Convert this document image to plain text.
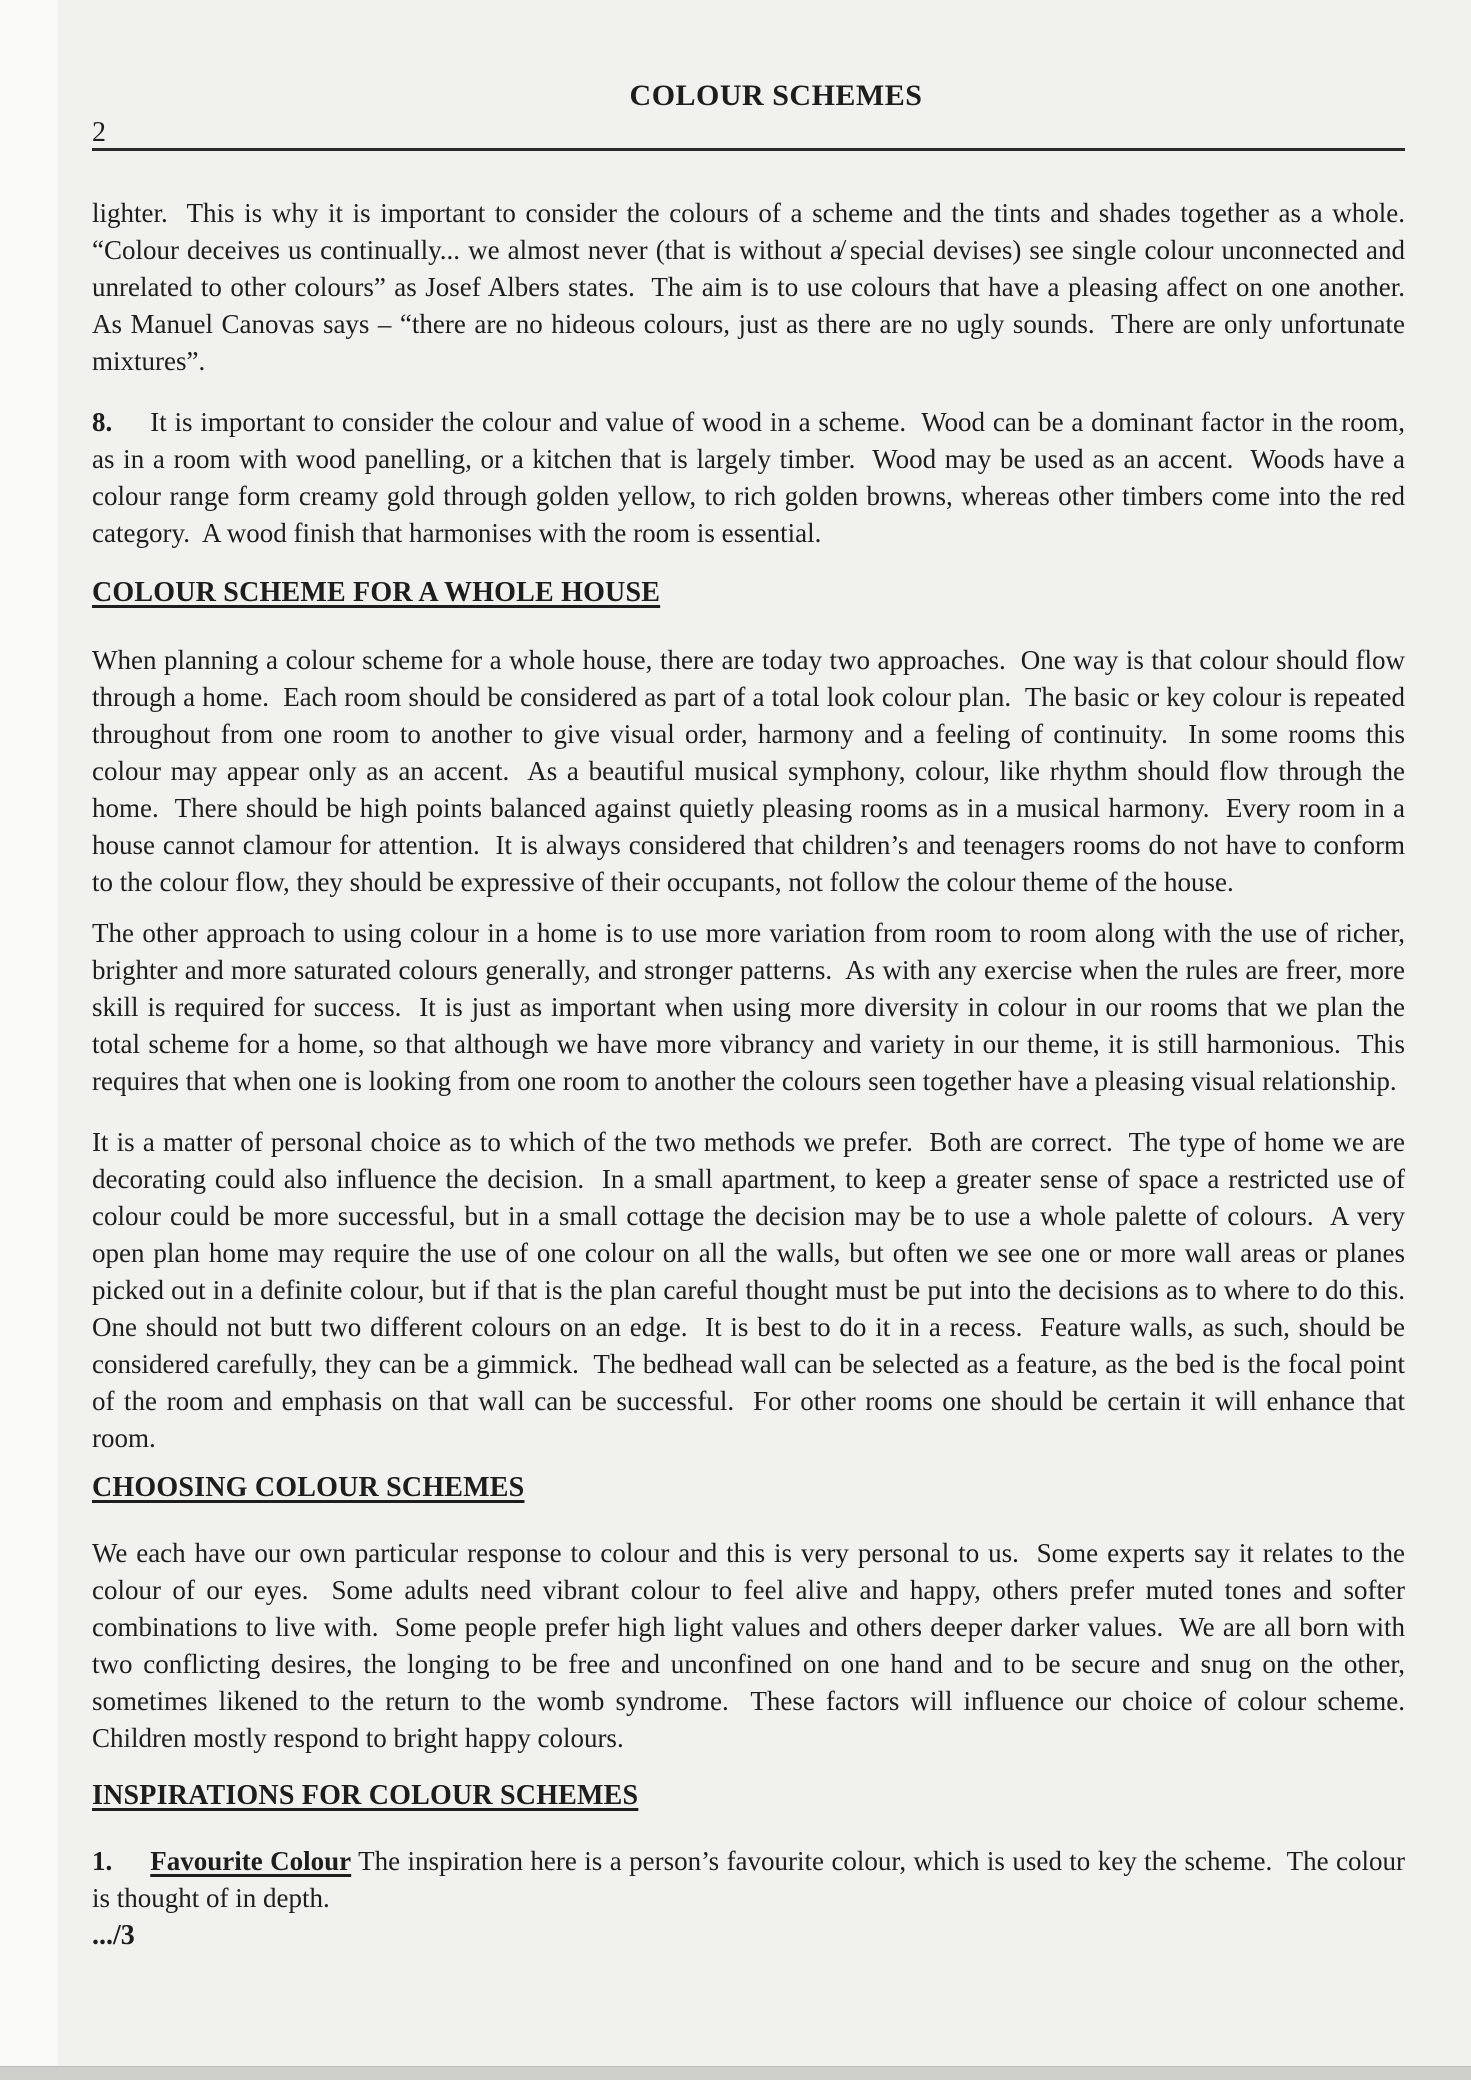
COLOUR SCHEMES
2

lighter.  This is why it is important to consider the colours of a scheme and the tints and shades together as a whole.  “Colour deceives us continually... we almost never (that is without a̸ special devises) see single colour unconnected and unrelated to other colours” as Josef Albers states.  The aim is to use colours that have a pleasing affect on one another.  As Manuel Canovas says – “there are no hideous colours, just as there are no ugly sounds.  There are only unfortunate mixtures”.

8. It is important to consider the colour and value of wood in a scheme.  Wood can be a dominant factor in the room, as in a room with wood panelling, or a kitchen that is largely timber.  Wood may be used as an accent.  Woods have a colour range form creamy gold through golden yellow, to rich golden browns, whereas other timbers come into the red category.  A wood finish that harmonises with the room is essential.

COLOUR SCHEME FOR A WHOLE HOUSE

When planning a colour scheme for a whole house, there are today two approaches.  One way is that colour should flow through a home.  Each room should be considered as part of a total look colour plan.  The basic or key colour is repeated throughout from one room to another to give visual order, harmony and a feeling of continuity.  In some rooms this colour may appear only as an accent.  As a beautiful musical symphony, colour, like rhythm should flow through the home.  There should be high points balanced against quietly pleasing rooms as in a musical harmony.  Every room in a house cannot clamour for attention.  It is always considered that children’s and teenagers rooms do not have to conform to the colour flow, they should be expressive of their occupants, not follow the colour theme of the house.

The other approach to using colour in a home is to use more variation from room to room along with the use of richer, brighter and more saturated colours generally, and stronger patterns.  As with any exercise when the rules are freer, more skill is required for success.  It is just as important when using more diversity in colour in our rooms that we plan the total scheme for a home, so that although we have more vibrancy and variety in our theme, it is still harmonious.  This requires that when one is looking from one room to another the colours seen together have a pleasing visual relationship.

It is a matter of personal choice as to which of the two methods we prefer.  Both are correct.  The type of home we are decorating could also influence the decision.  In a small apartment, to keep a greater sense of space a restricted use of colour could be more successful, but in a small cottage the decision may be to use a whole palette of colours.  A very open plan home may require the use of one colour on all the walls, but often we see one or more wall areas or planes picked out in a definite colour, but if that is the plan careful thought must be put into the decisions as to where to do this.  One should not butt two different colours on an edge.  It is best to do it in a recess.  Feature walls, as such, should be considered carefully, they can be a gimmick.  The bedhead wall can be selected as a feature, as the bed is the focal point of the room and emphasis on that wall can be successful.  For other rooms one should be certain it will enhance that room.

CHOOSING COLOUR SCHEMES

We each have our own particular response to colour and this is very personal to us.  Some experts say it relates to the colour of our eyes.  Some adults need vibrant colour to feel alive and happy, others prefer muted tones and softer combinations to live with.  Some people prefer high light values and others deeper darker values.  We are all born with two conflicting desires, the longing to be free and unconfined on one hand and to be secure and snug on the other, sometimes likened to the return to the womb syndrome.  These factors will influence our choice of colour scheme.  Children mostly respond to bright happy colours.

INSPIRATIONS FOR COLOUR SCHEMES

1. Favourite Colour The inspiration here is a person’s favourite colour, which is used to key the scheme.  The colour is thought of in depth.

.../3
